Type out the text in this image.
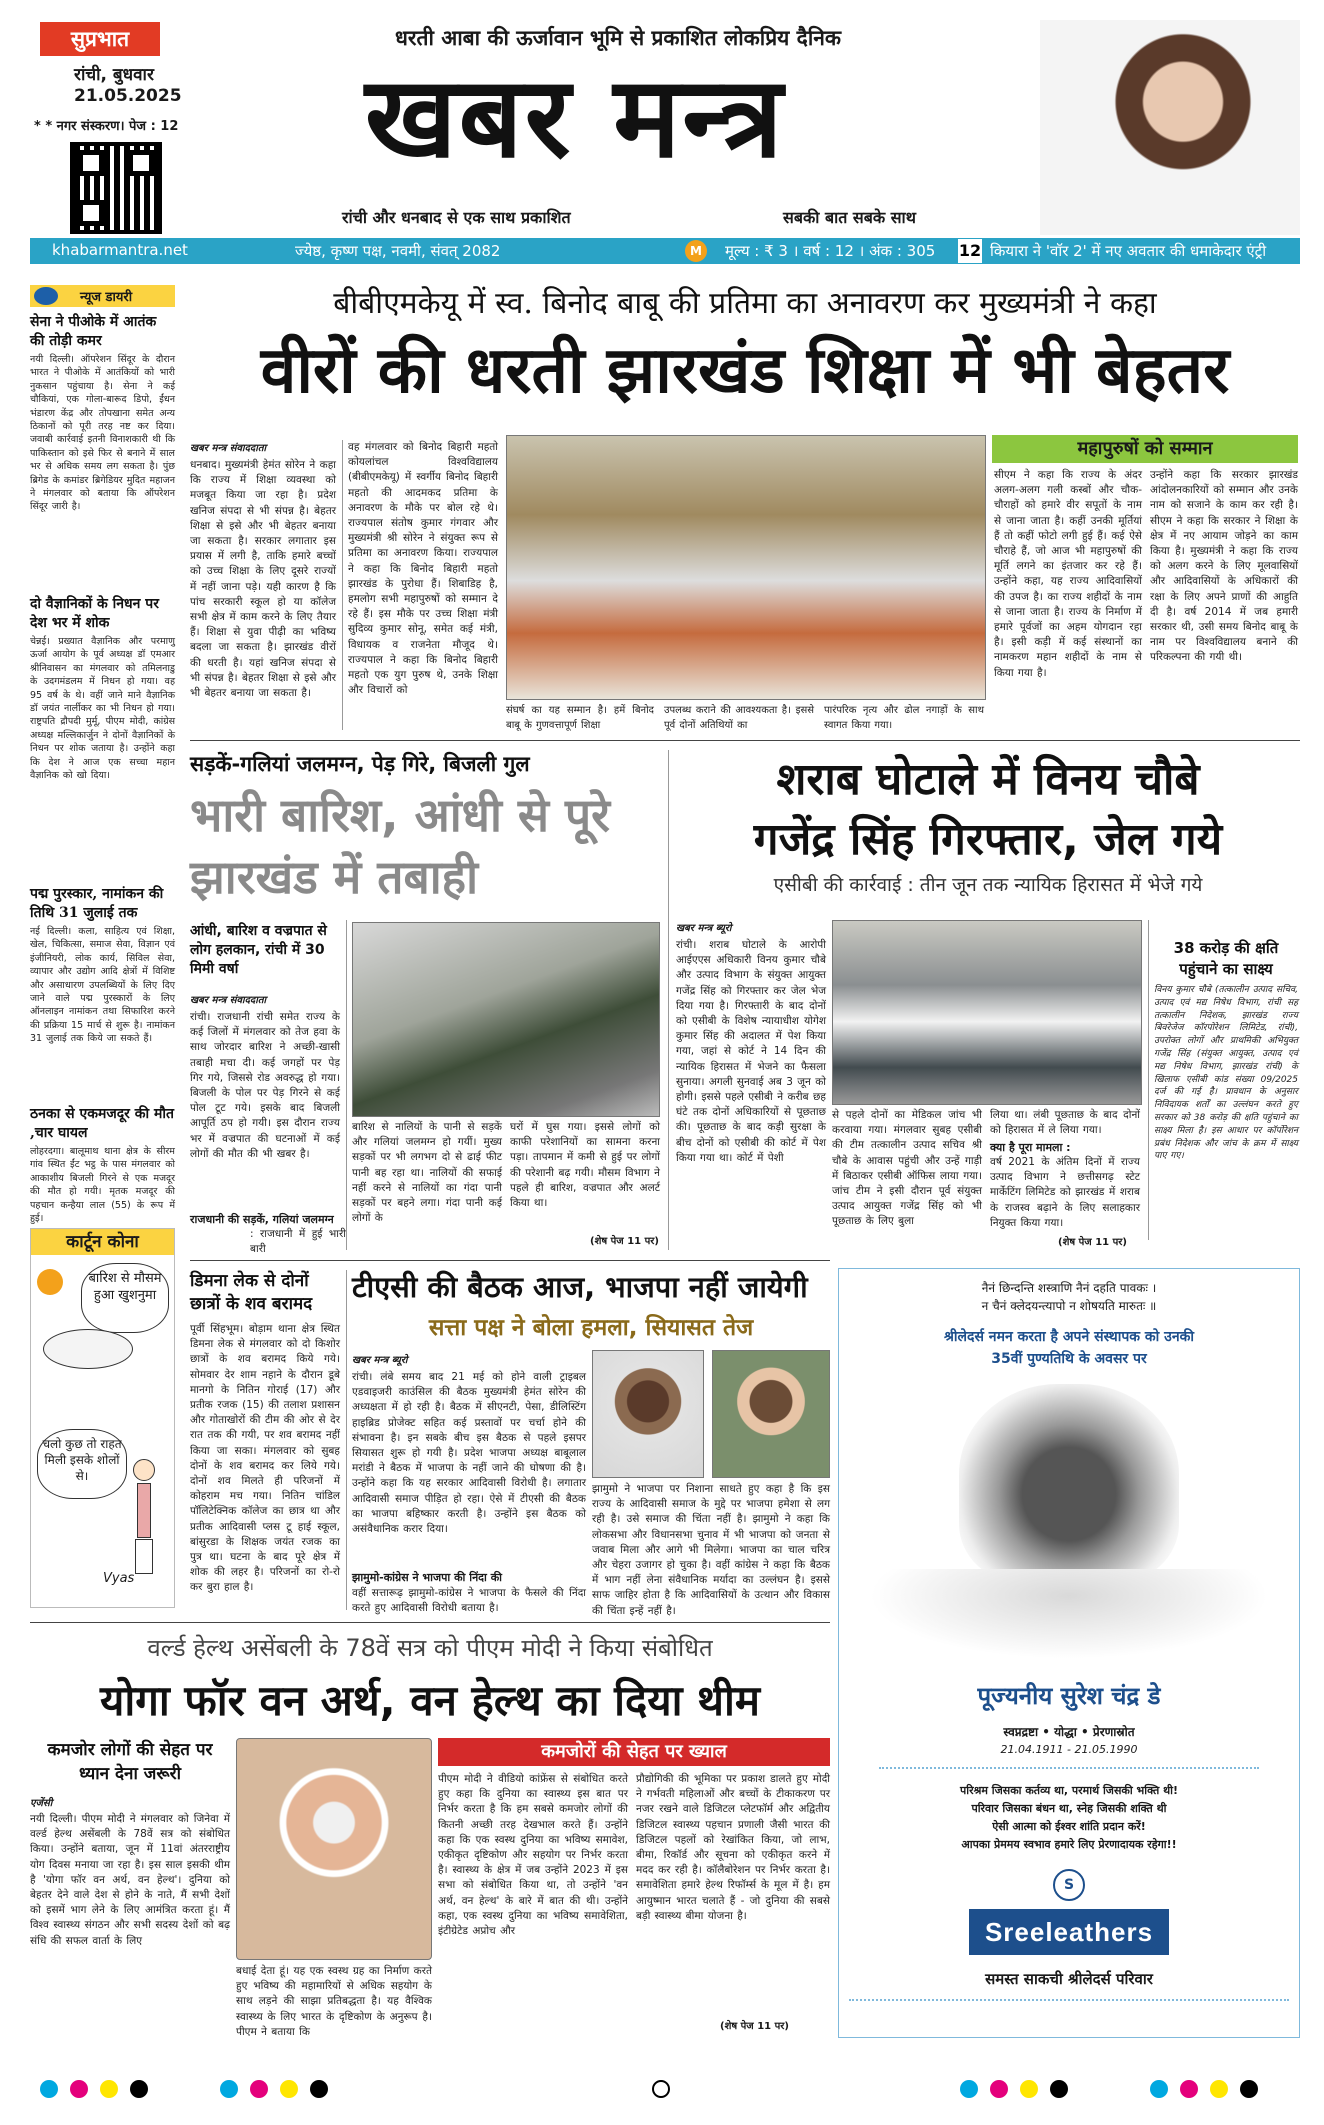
सुप्रभात
रांची, बुधवार
21.05.2025
* * नगर संस्करण। पेज : 12
धरती आबा की ऊर्जावान भूमि से प्रकाशित लोकप्रिय दैनिक
खबर मन्त्र
रांची और धनबाद से एक साथ प्रकाशित	सबकी बात सबके साथ
khabarmantra.net	ज्येष्ठ, कृष्ण पक्ष, नवमी, संवत् 2082	M	मूल्य : ₹ 3 । वर्ष : 12 । अंक : 305 12 कियारा ने 'वॉर 2' में नए अवतार की धमाकेदार एंट्री
न्यूज डायरी
सेना ने पीओके में आतंक की तोड़ी कमर
नयी दिल्ली। ऑपरेशन सिंदूर के दौरान भारत ने पीओके में आतंकियों को भारी नुकसान पहुंचाया है। सेना ने कई चौकियां, एक गोला-बारूद डिपो, ईंधन भंडारण केंद्र और तोपखाना समेत अन्य ठिकानों को पूरी तरह नष्ट कर दिया। जवाबी कार्रवाई इतनी विनाशकारी थी कि पाकिस्तान को इसे फिर से बनाने में साल भर से अधिक समय लग सकता है। पुंछ ब्रिगेड के कमांडर ब्रिगेडियर मुदित महाजन ने मंगलवार को बताया कि ऑपरेशन सिंदूर जारी है।
दो वैज्ञानिकों के निधन पर देश भर में शोक
चेन्नई। प्रख्यात वैज्ञानिक और परमाणु ऊर्जा आयोग के पूर्व अध्यक्ष डॉ एमआर श्रीनिवासन का मंगलवार को तमिलनाडु के उदगमंडलम में निधन हो गया। वह 95 वर्ष के थे। वहीं जाने माने वैज्ञानिक डॉ जयंत नार्लीकर का भी निधन हो गया। राष्ट्रपति द्रौपदी मुर्मू, पीएम मोदी, कांग्रेस अध्यक्ष मल्लिकार्जुन ने दोनों वैज्ञानिकों के निधन पर शोक जताया है। उन्होंने कहा कि देश ने आज एक सच्चा महान वैज्ञानिक को खो दिया।
पद्म पुरस्कार, नामांकन की तिथि 31 जुलाई तक
नई दिल्ली। कला, साहित्य एवं शिक्षा, खेल, चिकित्सा, समाज सेवा, विज्ञान एवं इंजीनियरी, लोक कार्य, सिविल सेवा, व्यापार और उद्योग आदि क्षेत्रों में विशिष्ट और असाधारण उपलब्धियों के लिए दिए जाने वाले पद्म पुरस्कारों के लिए ऑनलाइन नामांकन तथा सिफारिश करने की प्रक्रिया 15 मार्च से शुरू है। नामांकन 31 जुलाई तक किये जा सकते हैं।
ठनका से एकमजदूर की मौत ,चार घायल
लोहरदगा। बालूमाथ थाना क्षेत्र के सीरम गांव स्थित ईंट भट्ठ के पास मंगलवार को आकाशीय बिजली गिरने से एक मजदूर की मौत हो गयी। मृतक मजदूर की पहचान कन्हैया लाल (55) के रूप में हुई।
कार्टून कोना
बारिश से मौसम हुआ खुशनुमा
चलो कुछ तो राहत मिली इसके शोलों से।
Vyas
बीबीएमकेयू में स्व. बिनोद बाबू की प्रतिमा का अनावरण कर मुख्यमंत्री ने कहा
वीरों की धरती झारखंड शिक्षा में भी बेहतर
खबर मन्त्र संवाददाता
धनबाद। मुख्यमंत्री हेमंत सोरेन ने कहा कि राज्य में शिक्षा व्यवस्था को मजबूत किया जा रहा है। प्रदेश खनिज संपदा से भी संपन्न है। बेहतर शिक्षा से इसे और भी बेहतर बनाया जा सकता है। सरकार लगातार इस प्रयास में लगी है, ताकि हमारे बच्चों को उच्च शिक्षा के लिए दूसरे राज्यों में नहीं जाना पड़े। यही कारण है कि पांच सरकारी स्कूल हो या कॉलेज सभी क्षेत्र में काम करने के लिए तैयार हैं। शिक्षा से युवा पीढ़ी का भविष्य बदला जा सकता है। झारखंड वीरों की धरती है। यहां खनिज संपदा से भी संपन्न है। बेहतर शिक्षा से इसे और भी बेहतर बनाया जा सकता है।
वह मंगलवार को बिनोद बिहारी महतो कोयलांचल विश्वविद्यालय (बीबीएमकेयू) में स्वर्गीय बिनोद बिहारी महतो की आदमकद प्रतिमा के अनावरण के मौके पर बोल रहे थे। राज्यपाल संतोष कुमार गंगवार और मुख्यमंत्री श्री सोरेन ने संयुक्त रूप से प्रतिमा का अनावरण किया। राज्यपाल ने कहा कि बिनोद बिहारी महतो झारखंड के पुरोधा हैं। शिबाडिह है, हमलोग सभी महापुरुषों को सम्मान दे रहे हैं। इस मौके पर उच्च शिक्षा मंत्री सुदिव्य कुमार सोनू, समेत कई मंत्री, विधायक व राजनेता मौजूद थे। राज्यपाल ने कहा कि बिनोद बिहारी महतो एक युग पुरुष थे, उनके शिक्षा और विचारों को
संघर्ष का यह सम्मान है। हमें बिनोद बाबू के गुणवत्तापूर्ण शिक्षा
उपलब्ध कराने की आवश्यकता है। इससे पूर्व दोनों अतिथियों का
पारंपरिक नृत्य और ढोल नगाड़ों के साथ स्वागत किया गया।
महापुरुषों को सम्मान
सीएम ने कहा कि राज्य के अंदर अलग-अलग गली कस्बों और चौक-चौराहों को हमारे वीर सपूतों के नाम से जाना जाता है। कहीं उनकी मूर्तियां हैं तो कहीं फोटो लगी हुई हैं। कई ऐसे चौराहे हैं, जो आज भी महापुरुषों की मूर्ति लगने का इंतजार कर रहे हैं। उन्होंने कहा, यह राज्य आदिवासियों की उपज है। का राज्य शहीदों के नाम से जाना जाता है। राज्य के निर्माण में हमारे पूर्वजों का अहम योगदान रहा है। इसी कड़ी में कई संस्थानों का नामकरण महान शहीदों के नाम से किया गया है।
उन्होंने कहा कि सरकार झारखंड आंदोलनकारियों को सम्मान और उनके नाम को सजाने के काम कर रही है। सीएम ने कहा कि सरकार ने शिक्षा के क्षेत्र में नए आयाम जोड़ने का काम किया है। मुख्यमंत्री ने कहा कि राज्य को अलग करने के लिए मूलवासियों और आदिवासियों के अधिकारों की रक्षा के लिए अपने प्राणों की आहुति दी है। वर्ष 2014 में जब हमारी सरकार थी, उसी समय बिनोद बाबू के नाम पर विश्वविद्यालय बनाने की परिकल्पना की गयी थी।
सड़कें-गलियां जलमग्न, पेड़ गिरे, बिजली गुल
भारी बारिश, आंधी से पूरे झारखंड में तबाही
आंधी, बारिश व वज्रपात से लोग हलकान, रांची में 30 मिमी वर्षा
खबर मन्त्र संवाददाता
रांची। राजधानी रांची समेत राज्य के कई जिलों में मंगलवार को तेज हवा के साथ जोरदार बारिश ने अच्छी-खासी तबाही मचा दी। कई जगहों पर पेड़ गिर गये, जिससे रोड अवरुद्ध हो गया। बिजली के पोल पर पेड़ गिरने से कई पोल टूट गये। इसके बाद बिजली आपूर्ति ठप हो गयी। इस दौरान राज्य भर में वज्रपात की घटनाओं में कई लोगों की मौत की भी खबर है।
राजधानी की सड़कें, गलियां जलमग्न
: राजधानी में हुई भारी बारी
बारिश से नालियों के पानी से सड़कें और गलियां जलमग्न हो गयीं। मुख्य सड़कों पर भी लगभग दो से ढाई फीट पानी बह रहा था। नालियों की सफाई नहीं करने से नालियों का गंदा पानी सड़कों पर बहने लगा। गंदा पानी कई लोगों के
घरों में घुस गया। इससे लोगों को काफी परेशानियों का सामना करना पड़ा। तापमान में कमी से हुई पर लोगों की परेशानी बढ़ गयी। मौसम विभाग ने पहले ही बारिश, वज्रपात और अलर्ट किया था।
(शेष पेज 11 पर)
शराब घोटाले में विनय चौबे
गजेंद्र सिंह गिरफ्तार, जेल गये
एसीबी की कार्रवाई : तीन जून तक न्यायिक हिरासत में भेजे गये
खबर मन्त्र ब्यूरो
रांची। शराब घोटाले के आरोपी आईएएस अधिकारी विनय कुमार चौबे और उत्पाद विभाग के संयुक्त आयुक्त गजेंद्र सिंह को गिरफ्तार कर जेल भेज दिया गया है। गिरफ्तारी के बाद दोनों को एसीबी के विशेष न्यायाधीश योगेश कुमार सिंह की अदालत में पेश किया गया, जहां से कोर्ट ने 14 दिन की न्यायिक हिरासत में भेजने का फैसला सुनाया। अगली सुनवाई अब 3 जून को होगी। इससे पहले एसीबी ने करीब छह घंटे तक दोनों अधिकारियों से पूछताछ की। पूछताछ के बाद कड़ी सुरक्षा के बीच दोनों को एसीबी की कोर्ट में पेश किया गया था। कोर्ट में पेशी
से पहले दोनों का मेडिकल जांच भी करवाया गया। मंगलवार सुबह एसीबी की टीम तत्कालीन उत्पाद सचिव श्री चौबे के आवास पहुंची और उन्हें गाड़ी में बिठाकर एसीबी ऑफिस लाया गया। जांच टीम ने इसी दौरान पूर्व संयुक्त उत्पाद आयुक्त गजेंद्र सिंह को भी पूछताछ के लिए बुला
लिया था। लंबी पूछताछ के बाद दोनों को हिरासत में ले लिया गया।
क्या है पूरा मामला :
वर्ष 2021 के अंतिम दिनों में राज्य उत्पाद विभाग ने छत्तीसगढ़ स्टेट मार्केटिंग लिमिटेड को झारखंड में शराब के राजस्व बढ़ाने के लिए सलाहकार नियुक्त किया गया।
(शेष पेज 11 पर)
38 करोड़ की क्षति पहुंचाने का साक्ष्य
विनय कुमार चौबे (तत्कालीन उत्पाद सचिव, उत्पाद एवं मद्य निषेध विभाग, रांची सह तत्कालीन निदेशक, झारखंड राज्य बिवरेजेज कॉरपोरेशन लिमिटेड, रांची), उपरोक्त लोगों और प्राथमिकी अभियुक्त गजेंद्र सिंह (संयुक्त आयुक्त, उत्पाद एवं मद्य निषेध विभाग, झारखंड रांची) के खिलाफ एसीबी कांड संख्या 09/2025 दर्ज की गई है। प्रावधान के अनुसार निविदायक शर्तों का उल्लंघन करते हुए सरकार को 38 करोड़ की क्षति पहुंचाने का साक्ष्य मिला है। इस आधार पर कॉर्पोरेशन प्रबंध निदेशक और जांच के क्रम में साक्ष्य पाए गए।
डिमना लेक से दोनों छात्रों के शव बरामद
पूर्वी सिंहभूम। बोड़ाम थाना क्षेत्र स्थित डिमना लेक से मंगलवार को दो किशोर छात्रों के शव बरामद किये गये। सोमवार देर शाम नहाने के दौरान डूबे मानगो के नितिन गोराई (17) और प्रतीक रजक (15) की तलाश प्रशासन और गोताखोरों की टीम की ओर से देर रात तक की गयी, पर शव बरामद नहीं किया जा सका। मंगलवार को सुबह दोनों के शव बरामद कर लिये गये। दोनों शव मिलते ही परिजनों में कोहराम मच गया। नितिन चांडिल पॉलिटेक्निक कॉलेज का छात्र था और प्रतीक आदिवासी प्लस टू हाई स्कूल, बांसुरडा के शिक्षक जयंत रजक का पुत्र था। घटना के बाद पूरे क्षेत्र में शोक की लहर है। परिजनों का रो-रो कर बुरा हाल है।
टीएसी की बैठक आज, भाजपा नहीं जायेगी
सत्ता पक्ष ने बोला हमला, सियासत तेज
खबर मन्त्र ब्यूरो
रांची। लंबे समय बाद 21 मई को होने वाली ट्राइबल एडवाइजरी काउंसिल की बैठक मुख्यमंत्री हेमंत सोरेन की अध्यक्षता में हो रही है। बैठक में सीएनटी, पेसा, डीलिस्टिंग हाइब्रिड प्रोजेक्ट सहित कई प्रस्तावों पर चर्चा होने की संभावना है। इन सबके बीच इस बैठक से पहले इसपर सियासत शुरू हो गयी है। प्रदेश भाजपा अध्यक्ष बाबूलाल मरांडी ने बैठक में भाजपा के नहीं जाने की घोषणा की है। उन्होंने कहा कि यह सरकार आदिवासी विरोधी है। लगातार आदिवासी समाज पीड़ित हो रहा। ऐसे में टीएसी की बैठक का भाजपा बहिष्कार करती है। उन्होंने इस बैठक को असंवैधानिक करार दिया।
झामुमो-कांग्रेस ने भाजपा की निंदा की
वहीं सत्तारूढ़ झामुमो-कांग्रेस ने भाजपा के फैसले की निंदा करते हुए आदिवासी विरोधी बताया है।
झामुमो ने भाजपा पर निशाना साधते हुए कहा है कि इस राज्य के आदिवासी समाज के मुद्दे पर भाजपा हमेशा से लग रही है। उसे समाज की चिंता नहीं है। झामुमो ने कहा कि लोकसभा और विधानसभा चुनाव में भी भाजपा को जनता से जवाब मिला और आगे भी मिलेगा। भाजपा का चाल चरित्र और चेहरा उजागर हो चुका है। वहीं कांग्रेस ने कहा कि बैठक में भाग नहीं लेना संवैधानिक मर्यादा का उल्लंघन है। इससे साफ जाहिर होता है कि आदिवासियों के उत्थान और विकास की चिंता इन्हें नहीं है।
नैनं छिन्दन्ति शस्त्राणि नैनं दहति पावकः ।
न चैनं क्लेदयन्त्यापो न शोषयति मारुतः ॥
श्रीलेदर्स नमन करता है अपने संस्थापक को उनकी
35वीं पुण्यतिथि के अवसर पर
पूज्यनीय सुरेश चंद्र डे
स्वप्नद्रष्टा • योद्धा • प्रेरणास्रोत
21.04.1911 - 21.05.1990
परिश्रम जिसका कर्तव्य था, परमार्थ जिसकी भक्ति थी!
परिवार जिसका बंधन था, स्नेह जिसकी शक्ति थी
ऐसी आत्मा को ईश्वर शांति प्रदान करें!
आपका प्रेममय स्वभाव हमारे लिए प्रेरणादायक रहेगा!!
S
Sreeleathers
समस्त साकची श्रीलेदर्स परिवार
वर्ल्ड हेल्थ असेंबली के 78वें सत्र को पीएम मोदी ने किया संबोधित
योगा फॉर वन अर्थ, वन हेल्थ का दिया थीम
कमजोर लोगों की सेहत पर ध्यान देना जरूरी
एजेंसी
नयी दिल्ली। पीएम मोदी ने मंगलवार को जिनेवा में वर्ल्ड हेल्थ असेंबली के 78वें सत्र को संबोधित किया। उन्होंने बताया, जून में 11वां अंतरराष्ट्रीय योग दिवस मनाया जा रहा है। इस साल इसकी थीम है 'योगा फॉर वन अर्थ, वन हेल्थ'। दुनिया को बेहतर देने वाले देश से होने के नाते, मैं सभी देशों को इसमें भाग लेने के लिए आमंत्रित करता हूं। मैं विश्व स्वास्थ्य संगठन और सभी सदस्य देशों को बढ़ संधि की सफल वार्ता के लिए
बधाई देता हूं। यह एक स्वस्थ ग्रह का निर्माण करते हुए भविष्य की महामारियों से अधिक सहयोग के साथ लड़ने की साझा प्रतिबद्धता है। यह वैश्विक स्वास्थ्य के लिए भारत के दृष्टिकोण के अनुरूप है। पीएम ने बताया कि
कमजोरों की सेहत पर ख्याल
पीएम मोदी ने वीडियो कांफ्रेंस से संबोधित करते हुए कहा कि दुनिया का स्वास्थ्य इस बात पर निर्भर करता है कि हम सबसे कमजोर लोगों की कितनी अच्छी तरह देखभाल करते हैं। उन्होंने कहा कि एक स्वस्थ दुनिया का भविष्य समावेश, एकीकृत दृष्टिकोण और सहयोग पर निर्भर करता है। स्वास्थ्य के क्षेत्र में जब उन्होंने 2023 में इस सभा को संबोधित किया था, तो उन्होंने 'वन अर्थ, वन हेल्थ' के बारे में बात की थी। उन्होंने कहा, एक स्वस्थ दुनिया का भविष्य समावेशिता, इंटीग्रेटेड अप्रोच और
प्रौद्योगिकी की भूमिका पर प्रकाश डालते हुए मोदी ने गर्भवती महिलाओं और बच्चों के टीकाकरण पर नजर रखने वाले डिजिटल प्लेटफॉर्म और अद्वितीय डिजिटल स्वास्थ्य पहचान प्रणाली जैसी भारत की डिजिटल पहलों को रेखांकित किया, जो लाभ, बीमा, रिकॉर्ड और सूचना को एकीकृत करने में मदद कर रही है। कॉलैबोरेशन पर निर्भर करता है। समावेशिता हमारे हेल्थ रिफॉर्म्स के मूल में है। हम आयुष्मान भारत चलाते हैं - जो दुनिया की सबसे बड़ी स्वास्थ्य बीमा योजना है।
(शेष पेज 11 पर)
